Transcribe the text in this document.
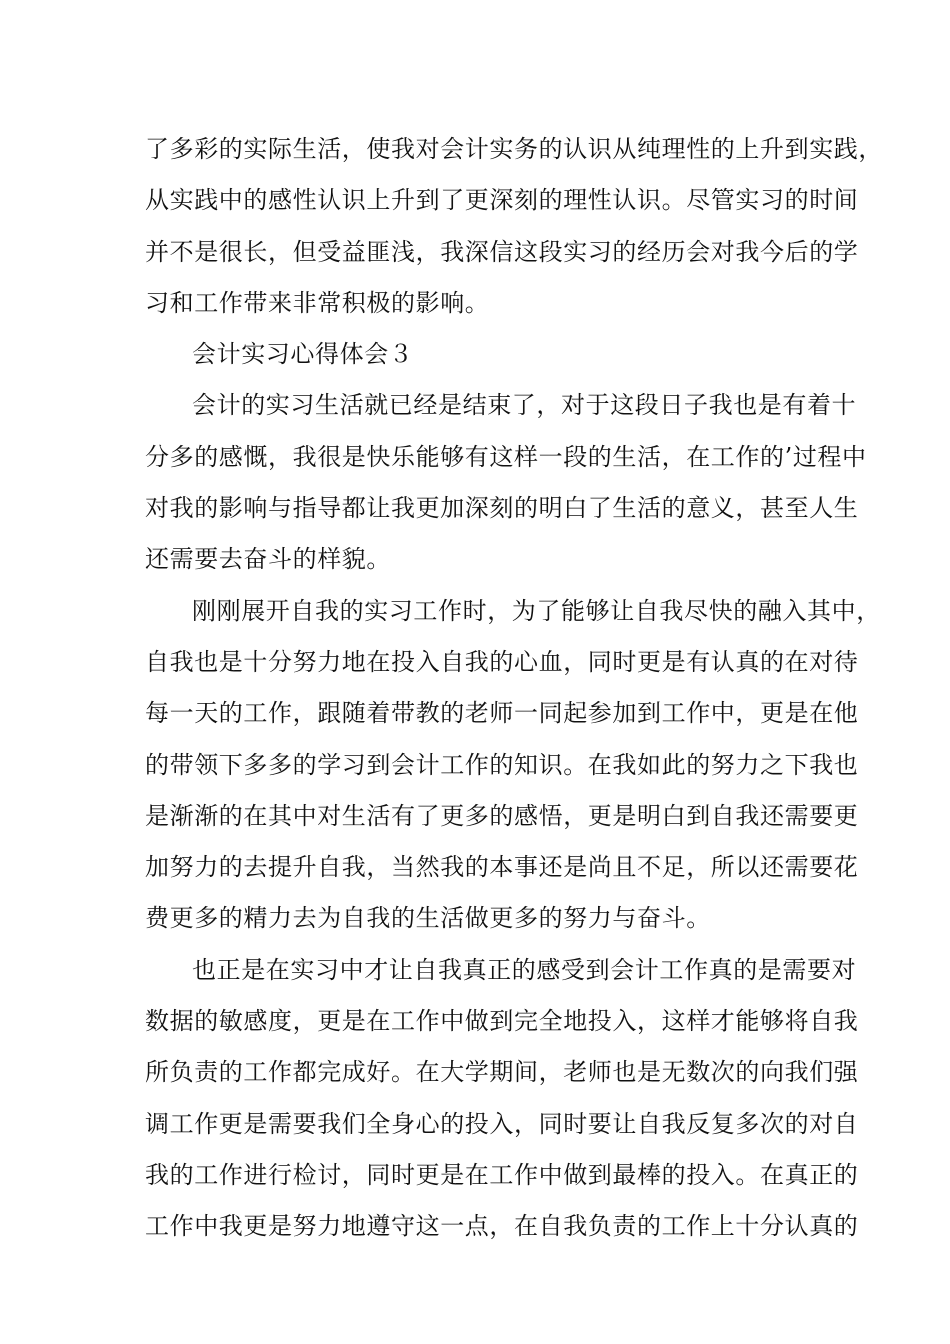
了多彩的实际生活，使我对会计实务的认识从纯理性的上升到实践，
从实践中的感性认识上升到了更深刻的理性认识。尽管实习的时间
并不是很长，但受益匪浅，我深信这段实习的经历会对我今后的学
习和工作带来非常积极的影响。
会计实习心得体会３
会计的实习生活就已经是结束了，对于这段日子我也是有着十
分多的感慨，我很是快乐能够有这样一段的生活，在工作的’过程中
对我的影响与指导都让我更加深刻的明白了生活的意义，甚至人生
还需要去奋斗的样貌。
刚刚展开自我的实习工作时，为了能够让自我尽快的融入其中，
自我也是十分努力地在投入自我的心血，同时更是有认真的在对待
每一天的工作，跟随着带教的老师一同起参加到工作中，更是在他
的带领下多多的学习到会计工作的知识。在我如此的努力之下我也
是渐渐的在其中对生活有了更多的感悟，更是明白到自我还需要更
加努力的去提升自我，当然我的本事还是尚且不足，所以还需要花
费更多的精力去为自我的生活做更多的努力与奋斗。
也正是在实习中才让自我真正的感受到会计工作真的是需要对
数据的敏感度，更是在工作中做到完全地投入，这样才能够将自我
所负责的工作都完成好。在大学期间，老师也是无数次的向我们强
调工作更是需要我们全身心的投入，同时要让自我反复多次的对自
我的工作进行检讨，同时更是在工作中做到最棒的投入。在真正的
工作中我更是努力地遵守这一点，在自我负责的工作上十分认真的
